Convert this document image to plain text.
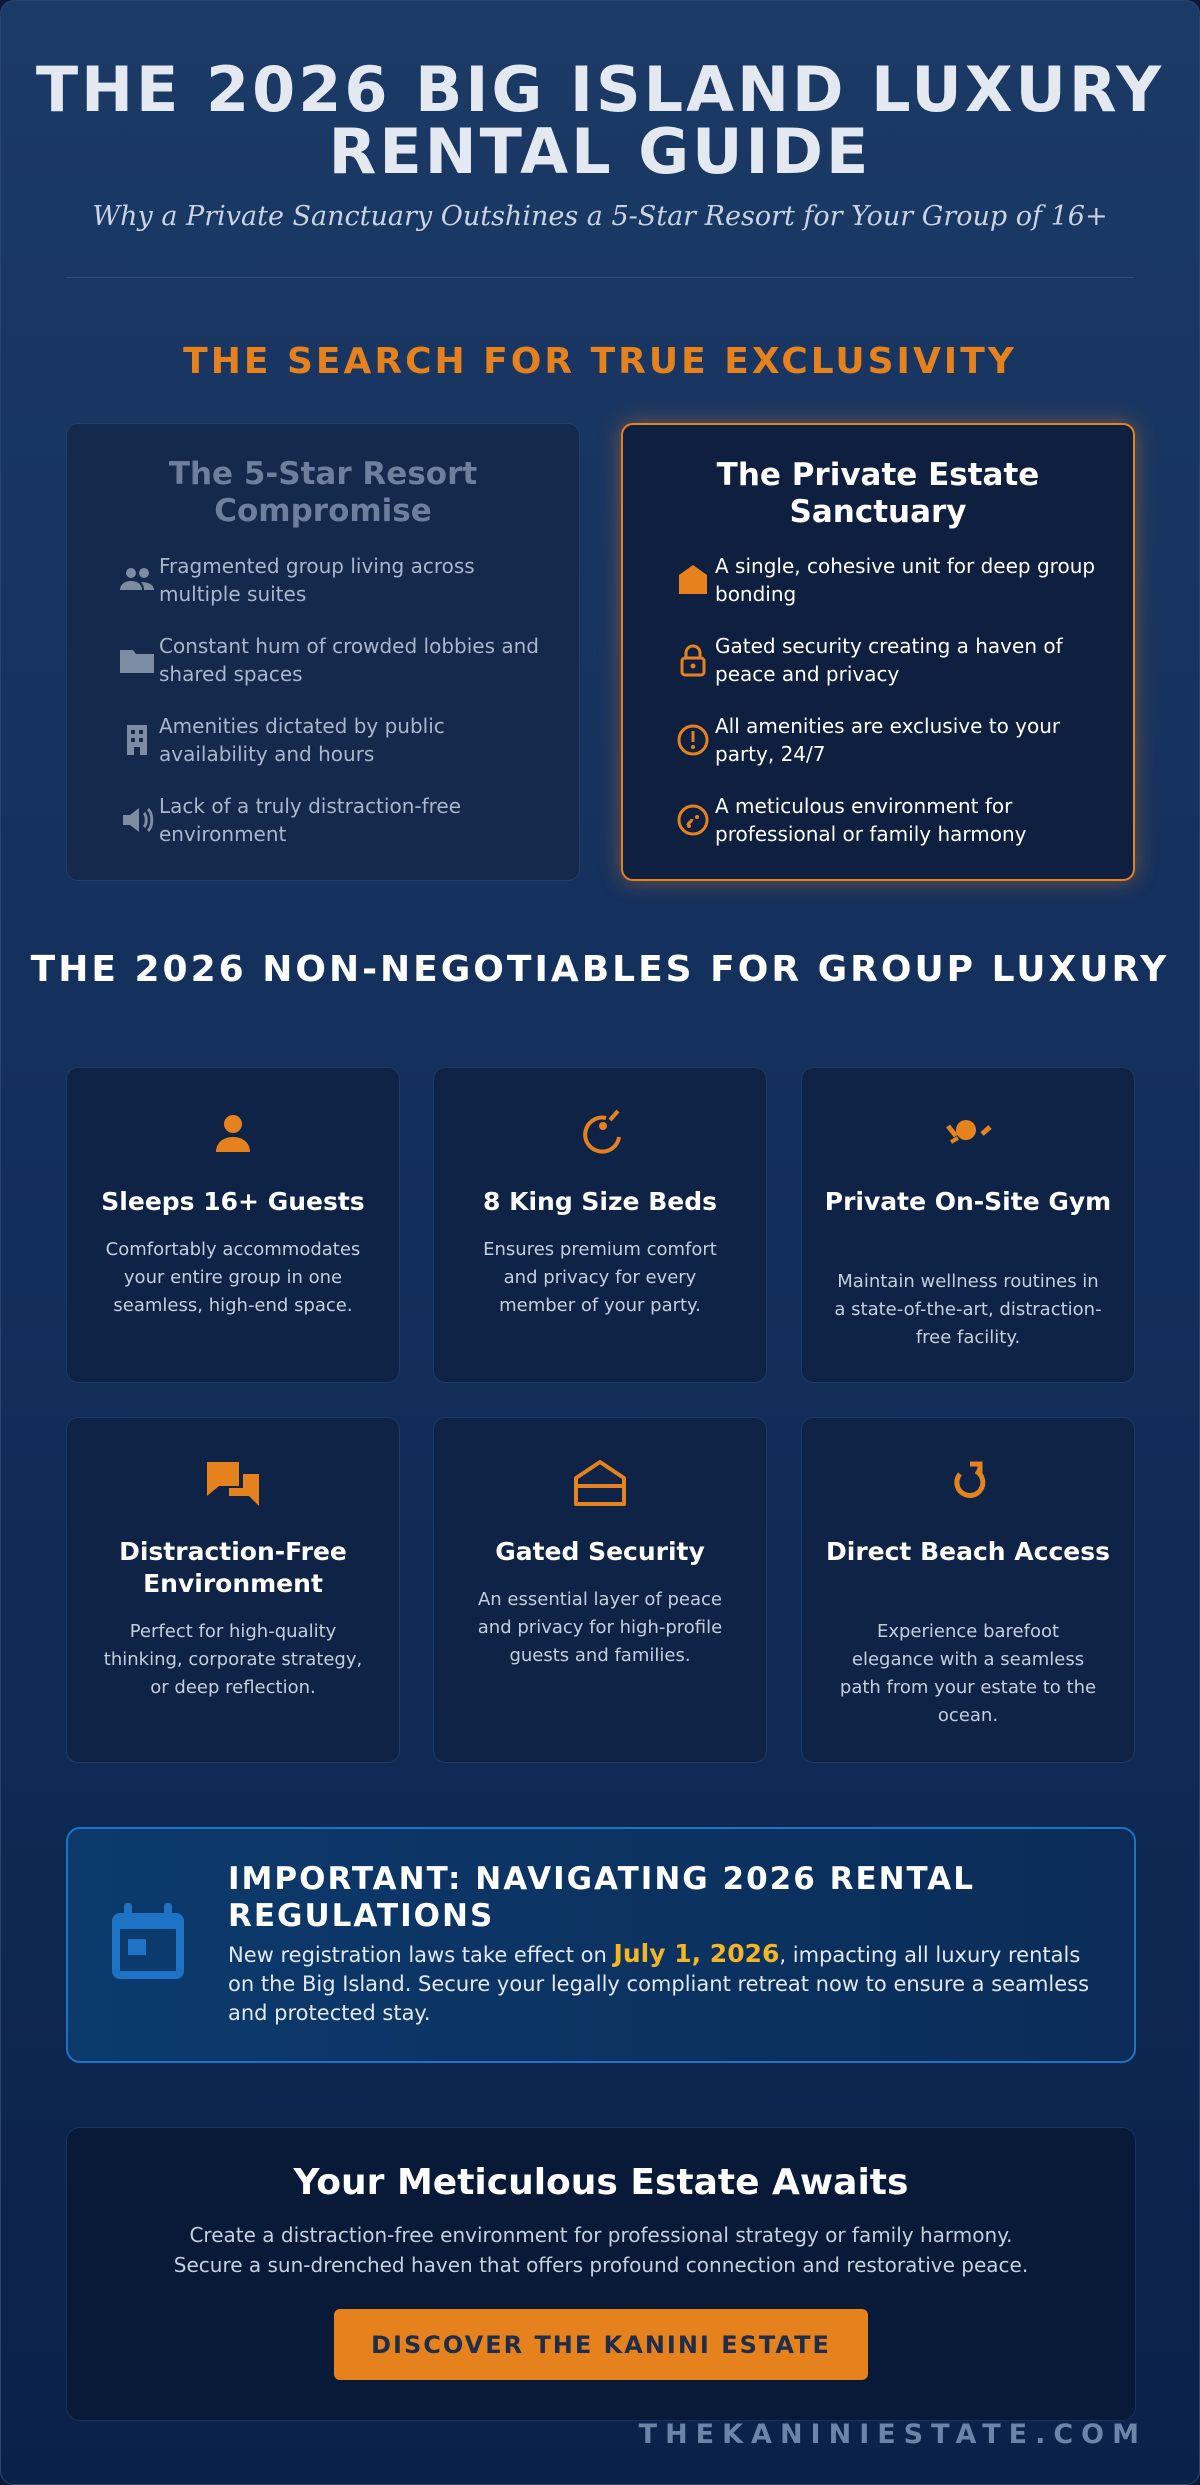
THE 2026 BIG ISLAND LUXURY RENTAL GUIDE
Why a Private Sanctuary Outshines a 5-Star Resort for Your Group of 16+
THE SEARCH FOR TRUE EXCLUSIVITY
The 5-Star Resort Compromise
Fragmented group living across multiple suites
Constant hum of crowded lobbies and shared spaces
Amenities dictated by public availability and hours
Lack of a truly distraction-free environment
The Private Estate Sanctuary
A single, cohesive unit for deep group bonding
Gated security creating a haven of peace and privacy
All amenities are exclusive to your party, 24/7
A meticulous environment for professional or family harmony
THE 2026 NON-NEGOTIABLES FOR GROUP LUXURY
Sleeps 16+ Guests
Comfortably accommodates your entire group in one seamless, high-end space.
8 King Size Beds
Ensures premium comfort and privacy for every member of your party.
Private On-Site Gym
Maintain wellness routines in a state-of-the-art, distraction-free facility.
Distraction-Free Environment
Perfect for high-quality thinking, corporate strategy, or deep reflection.
Gated Security
An essential layer of peace and privacy for high-profile guests and families.
Direct Beach Access
Experience barefoot elegance with a seamless path from your estate to the ocean.
IMPORTANT: NAVIGATING 2026 RENTAL REGULATIONS
New registration laws take effect on July 1, 2026, impacting all luxury rentals on the Big Island. Secure your legally compliant retreat now to ensure a seamless and protected stay.
Your Meticulous Estate Awaits
Create a distraction-free environment for professional strategy or family harmony.
Secure a sun-drenched haven that offers profound connection and restorative peace.
DISCOVER THE KANINI ESTATE
THEKANINIESTATE.COM
